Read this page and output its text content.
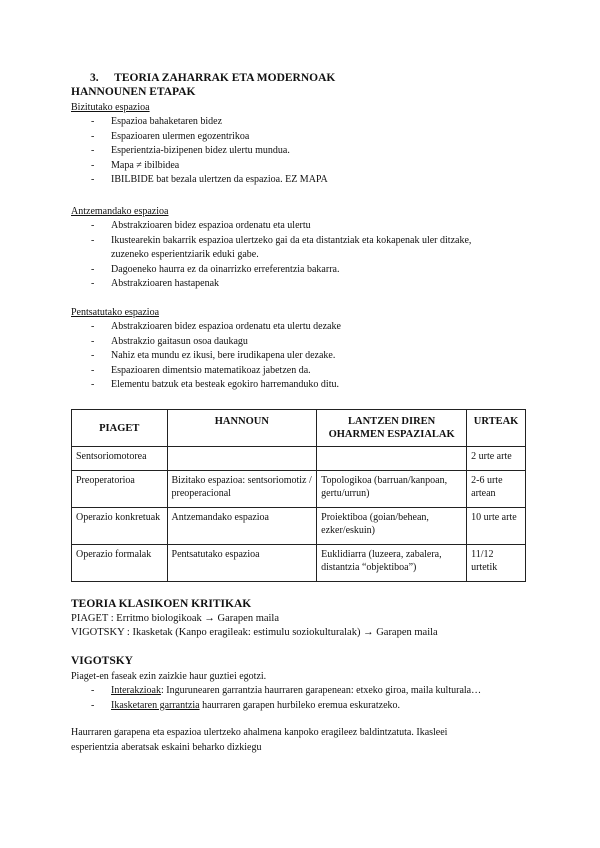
3. TEORIA ZAHARRAK ETA MODERNOAK
HANNOUNEN ETAPAK
Bizitutako espazioa
- Espazioa bahaketaren bidez
- Espazioaren ulermen egozentrikoa
- Esperientzia-bizipenen bidez ulertu mundua.
- Mapa ≠ ibilbidea
- IBILBIDE bat bezala ulertzen da espazioa. EZ MAPA
Antzemandako espazioa
- Abstrakzioaren bidez espazioa ordenatu eta ulertu
- Ikustearekin bakarrik espazioa ulertzeko gai da eta distantziak eta kokapenak uler ditzake,
zuzeneko esperientziarik eduki gabe.
- Dagoeneko haurra ez da oinarrizko erreferentzia bakarra.
- Abstrakzioaren hastapenak
Pentsatutako espazioa
- Abstrakzioaren bidez espazioa ordenatu eta ulertu dezake
- Abstrakzio gaitasun osoa daukagu
- Nahiz eta mundu ez ikusi, bere irudikapena uler dezake.
- Espazioaren dimentsio matematikoaz jabetzen da.
- Elementu batzuk eta besteak egokiro harremanduko ditu.
PIAGET	HANNOUN	LANTZEN DIREN OHARMEN ESPAZIALAK	URTEAK
Sentsoriomotorea			2 urte arte
Preoperatorioa	Bizitako espazioa: sentsoriomotiz / preoperacional	Topologikoa (barruan/kanpoan, gertu/urrun)	2-6 urte artean
Operazio konkretuak	Antzemandako espazioa	Proiektiboa (goian/behean, ezker/eskuin)	10 urte arte
Operazio formalak	Pentsatutako espazioa	Euklidiarra (luzeera, zabalera, distantzia “objektiboa”)	11/12 urtetik
TEORIA KLASIKOEN KRITIKAK
PIAGET : Erritmo biologikoak → Garapen maila
VIGOTSKY : Ikasketak (Kanpo eragileak: estimulu soziokulturalak) → Garapen maila
VIGOTSKY
Piaget-en faseak ezin zaizkie haur guztiei egotzi.
- Interakzioak: Ingurunearen garrantzia haurraren garapenean: etxeko giroa, maila kulturala…
- Ikasketaren garrantzia haurraren garapen hurbileko eremua eskuratzeko.
Haurraren garapena eta espazioa ulertzeko ahalmena kanpoko eragileez baldintzatuta. Ikasleei
esperientzia aberatsak eskaini beharko dizkiegu
